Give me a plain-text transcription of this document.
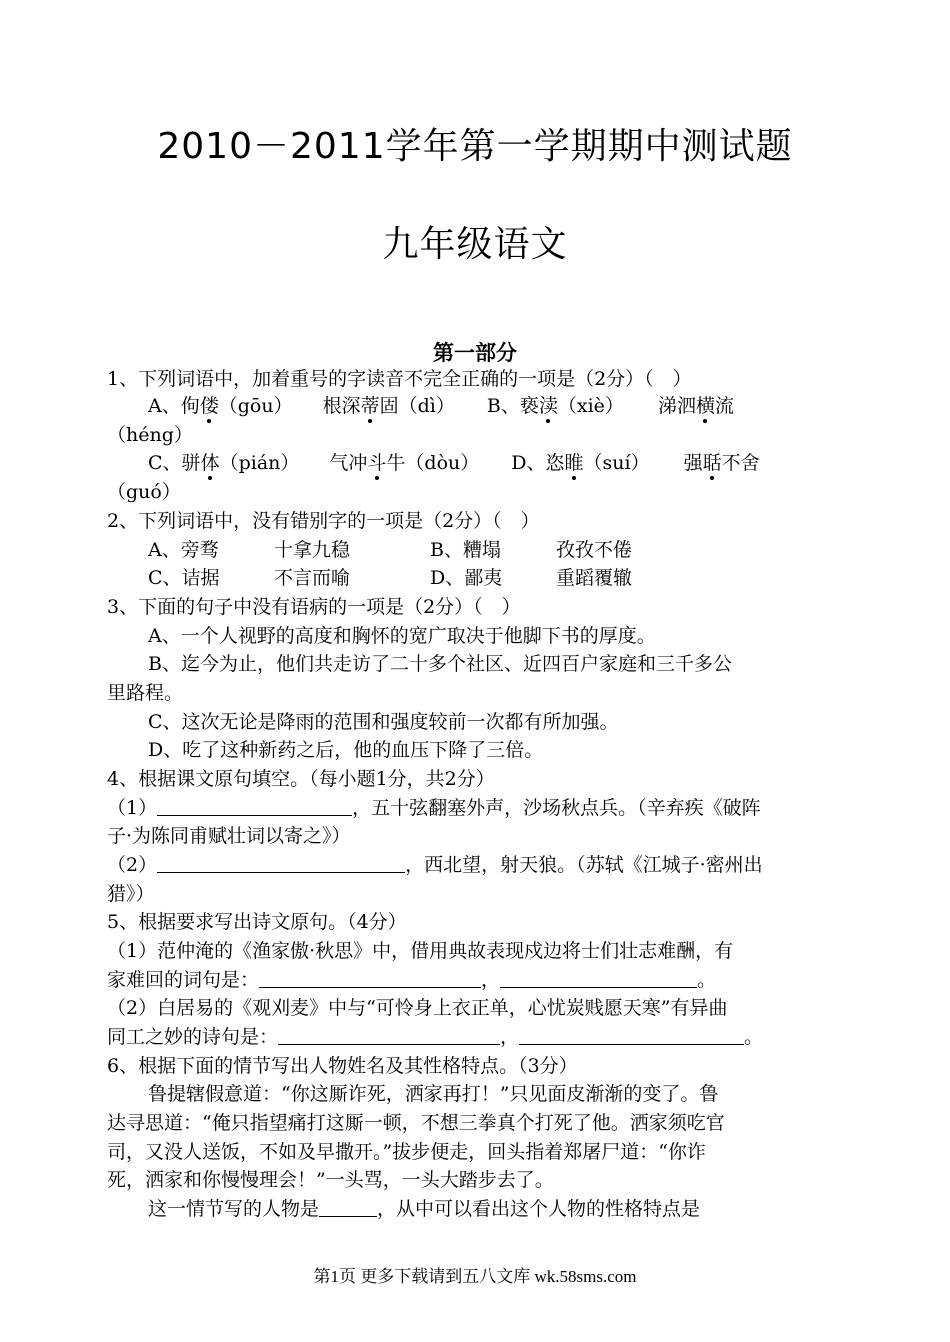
2010－2011学年第一学期期中测试题
九年级语文
第一部分
1、下列词语中，加着重号的字读音不完全正确的一项是（2分）（　）
A、佝偻（gōu） 根深蒂固（dì） B、亵渎（xiè） 涕泗横流
（héng）
C、骈体（pián） 气冲斗牛（dòu） D、恣睢（suí） 强聒不舍
（guó）
2、下列词语中，没有错别字的一项是（2分）（　）
A、旁骛	十拿九稳	B、糟塌	孜孜不倦
C、诘据	不言而喻	D、鄙夷	重蹈覆辙
3、下面的句子中没有语病的一项是（2分）（　）
A、一个人视野的高度和胸怀的宽广取决于他脚下书的厚度。
B、迄今为止，他们共走访了二十多个社区、近四百户家庭和三千多公
里路程。
C、这次无论是降雨的范围和强度较前一次都有所加强。
D、吃了这种新药之后，他的血压下降了三倍。
4、根据课文原句填空。（每小题1分，共2分）
（1）	，五十弦翻塞外声，沙场秋点兵。（辛弃疾《破阵
子·为陈同甫赋壮词以寄之》）
（2）	，西北望，射天狼。（苏轼《江城子·密州出
猎》）
5、根据要求写出诗文原句。（4分）
（1）范仲淹的《渔家傲·秋思》中，借用典故表现戍边将士们壮志难酬，有
家难回的词句是：	，	。
（2）白居易的《观刈麦》中与“可怜身上衣正单，心忧炭贱愿天寒”有异曲
同工之妙的诗句是：	，	。
6、根据下面的情节写出人物姓名及其性格特点。（3分）
鲁提辖假意道：“你这厮诈死，洒家再打！”只见面皮渐渐的变了。鲁
达寻思道：“俺只指望痛打这厮一顿，不想三拳真个打死了他。洒家须吃官
司，又没人送饭，不如及早撒开。”拔步便走，回头指着郑屠尸道：“你诈
死，洒家和你慢慢理会！”一头骂，一头大踏步去了。
这一情节写的人物是	，从中可以看出这个人物的性格特点是
第1页 更多下载请到五八文库 wk.58sms.com
